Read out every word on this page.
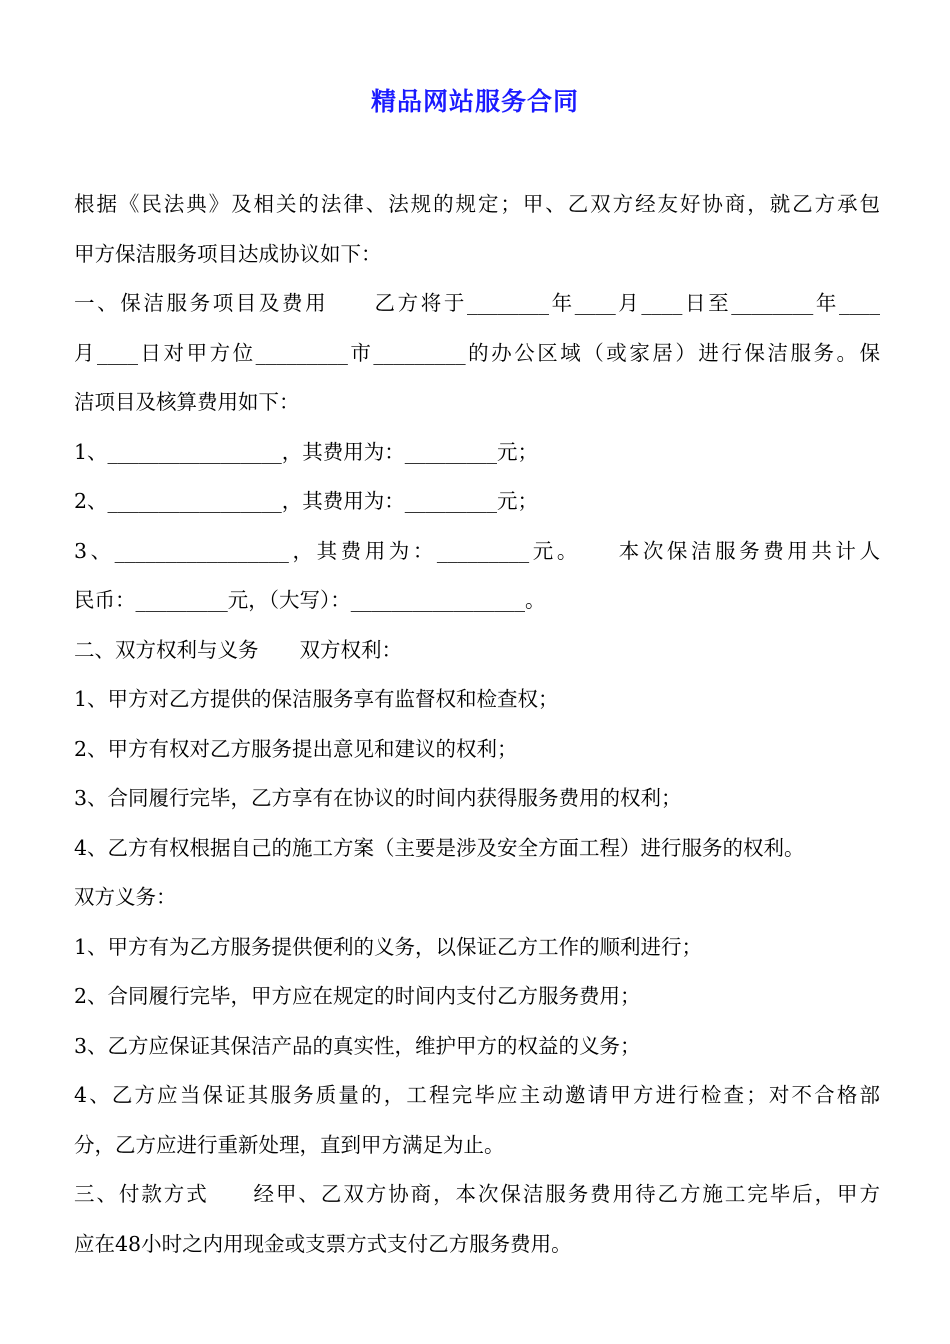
精品网站服务合同
根据《民法典》及相关的法律、法规的规定；甲、乙双方经友好协商，就乙方承包
甲方保洁服务项目达成协议如下：
一、保洁服务项目及费用　　乙方将于________年____月____日至________年____
月____日对甲方位_________市_________的办公区域（或家居）进行保洁服务。保
洁项目及核算费用如下：
1、_________________，其费用为：_________元；
2、_________________，其费用为：_________元；
3、_________________，其费用为：_________元。　　本次保洁服务费用共计人
民币：_________元，（大写）：_________________。
二、双方权利与义务　　双方权利：
1、甲方对乙方提供的保洁服务享有监督权和检查权；
2、甲方有权对乙方服务提出意见和建议的权利；
3、合同履行完毕，乙方享有在协议的时间内获得服务费用的权利；
4、乙方有权根据自己的施工方案（主要是涉及安全方面工程）进行服务的权利。
双方义务：
1、甲方有为乙方服务提供便利的义务，以保证乙方工作的顺利进行；
2、合同履行完毕，甲方应在规定的时间内支付乙方服务费用；
3、乙方应保证其保洁产品的真实性，维护甲方的权益的义务；
4、乙方应当保证其服务质量的，工程完毕应主动邀请甲方进行检查；对不合格部
分，乙方应进行重新处理，直到甲方满足为止。
三、付款方式　　经甲、乙双方协商，本次保洁服务费用待乙方施工完毕后，甲方
应在48小时之内用现金或支票方式支付乙方服务费用。
